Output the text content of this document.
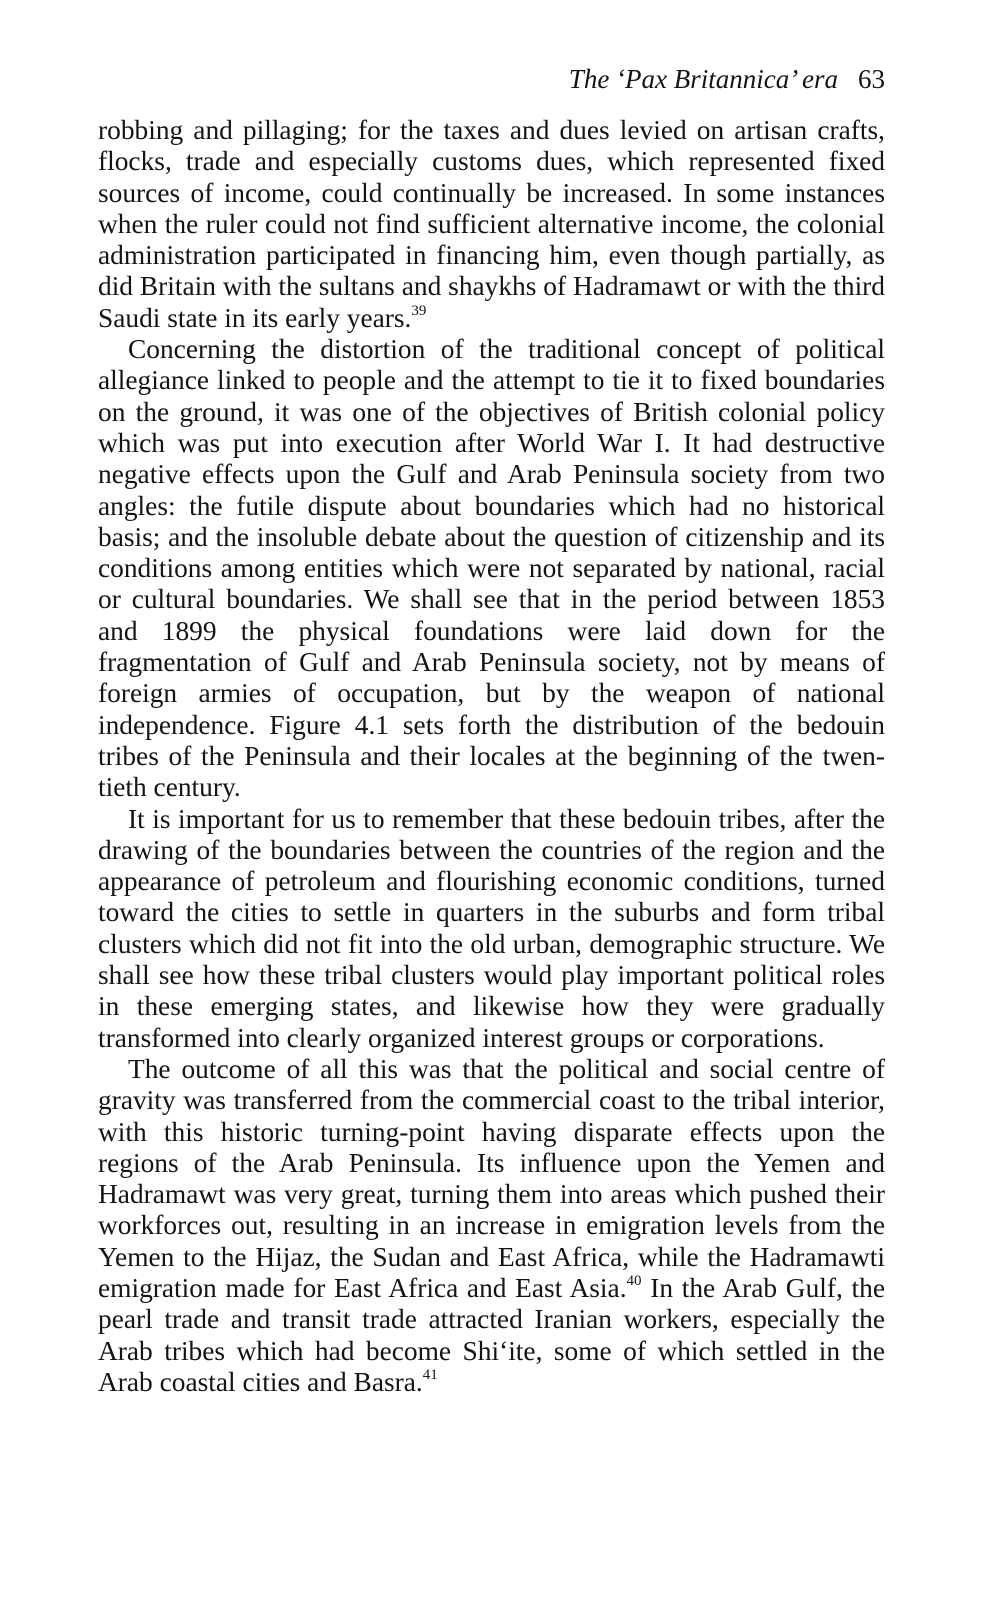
The ‘Pax Britannica’ era 63

robbing and pillaging; for the taxes and dues levied on artisan crafts, flocks, trade and especially customs dues, which represented fixed sources of income, could continually be increased. In some instances when the ruler could not find sufficient alternative income, the colonial administration participated in financing him, even though partially, as did Britain with the sultans and shaykhs of Hadramawt or with the third Saudi state in its early years.$^{39}$

Concerning the distortion of the traditional concept of political allegiance linked to people and the attempt to tie it to fixed boundaries on the ground, it was one of the objectives of British colonial policy which was put into execution after World War I. It had destructive negative effects upon the Gulf and Arab Peninsula society from two angles: the futile dispute about boundaries which had no historical basis; and the insoluble debate about the question of citizenship and its conditions among entities which were not separated by national, racial or cultural boundaries. We shall see that in the period between 1853 and 1899 the physical foundations were laid down for the fragmentation of Gulf and Arab Peninsula society, not by means of foreign armies of occupation, but by the weapon of national independence. Figure 4.1 sets forth the distribution of the bedouin tribes of the Peninsula and their locales at the beginning of the twentieth century.

It is important for us to remember that these bedouin tribes, after the drawing of the boundaries between the countries of the region and the appearance of petroleum and flourishing economic conditions, turned toward the cities to settle in quarters in the suburbs and form tribal clusters which did not fit into the old urban, demographic structure. We shall see how these tribal clusters would play important political roles in these emerging states, and likewise how they were gradually transformed into clearly organized interest groups or corporations.

The outcome of all this was that the political and social centre of gravity was transferred from the commercial coast to the tribal interior, with this historic turning-point having disparate effects upon the regions of the Arab Peninsula. Its influence upon the Yemen and Hadramawt was very great, turning them into areas which pushed their workforces out, resulting in an increase in emigration levels from the Yemen to the Hijaz, the Sudan and East Africa, while the Hadramawti emigration made for East Africa and East Asia.$^{40}$ In the Arab Gulf, the pearl trade and transit trade attracted Iranian workers, especially the Arab tribes which had become Shi‘ite, some of which settled in the Arab coastal cities and Basra.$^{41}$
